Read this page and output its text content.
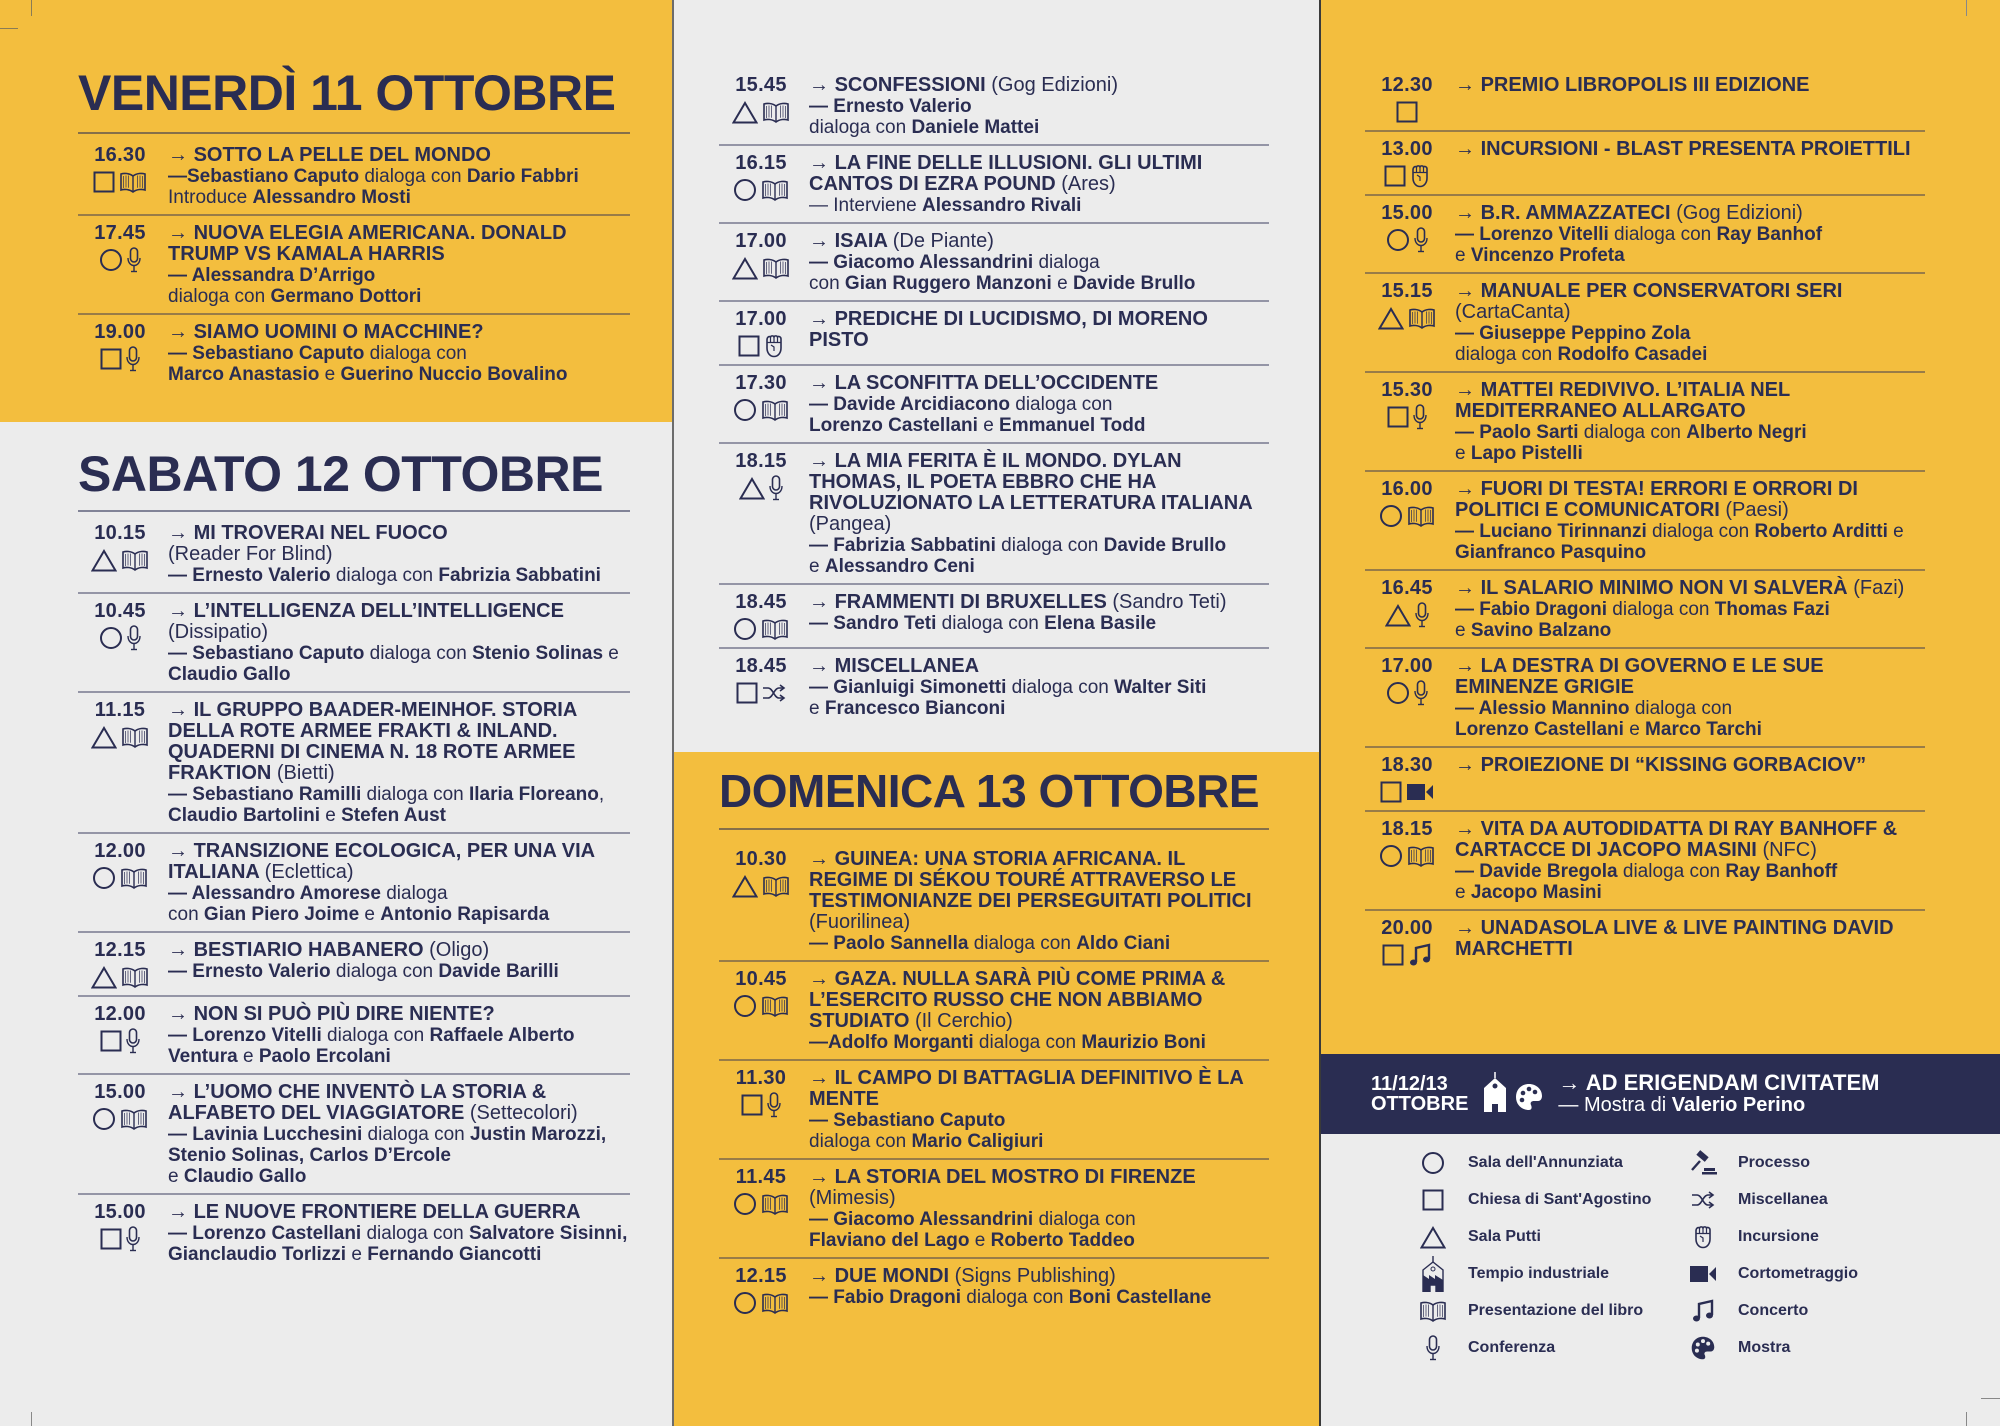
VENERDÌ 11 OTTOBRE
16.30	→ SOTTO LA PELLE DEL MONDO
—Sebastiano Caputo dialoga con Dario Fabbri
Introduce Alessandro Mosti
17.45	→ NUOVA ELEGIA AMERICANA. DONALD TRUMP VS KAMALA HARRIS
— Alessandra D’Arrigo
dialoga con Germano Dottori
19.00	→ SIAMO UOMINI O MACCHINE?
— Sebastiano Caputo dialoga con
Marco Anastasio e Guerino Nuccio Bovalino
SABATO 12 OTTOBRE
10.15	→ MI TROVERAI NEL FUOCO
(Reader For Blind)
— Ernesto Valerio dialoga con Fabrizia Sabbatini
10.45	→ L’INTELLIGENZA DELL’INTELLIGENCE
(Dissipatio)
— Sebastiano Caputo dialoga con Stenio Solinas e Claudio Gallo
11.15	→ IL GRUPPO BAADER-MEINHOF. STORIA DELLA ROTE ARMEE FRAKTI & INLAND. QUADERNI DI CINEMA N. 18 ROTE ARMEE FRAKTION (Bietti)
— Sebastiano Ramilli dialoga con Ilaria Floreano, Claudio Bartolini e Stefen Aust
12.00	→ TRANSIZIONE ECOLOGICA, PER UNA VIA ITALIANA (Eclettica)
— Alessandro Amorese dialoga
con Gian Piero Joime e Antonio Rapisarda
12.15	→ BESTIARIO HABANERO (Oligo)
— Ernesto Valerio dialoga con Davide Barilli
12.00	→ NON SI PUÒ PIÙ DIRE NIENTE?
— Lorenzo Vitelli dialoga con Raffaele Alberto Ventura e Paolo Ercolani
15.00	→ L’UOMO CHE INVENTÒ LA STORIA & ALFABETO DEL VIAGGIATORE (Settecolori)
— Lavinia Lucchesini dialoga con Justin Marozzi, Stenio Solinas, Carlos D’Ercole
e Claudio Gallo
15.00	→ LE NUOVE FRONTIERE DELLA GUERRA
— Lorenzo Castellani dialoga con Salvatore Sisinni, Gianclaudio Torlizzi e Fernando Giancotti
15.45	→ SCONFESSIONI (Gog Edizioni)
— Ernesto Valerio
dialoga con Daniele Mattei
16.15	→ LA FINE DELLE ILLUSIONI. GLI ULTIMI CANTOS DI EZRA POUND (Ares)
— Interviene Alessandro Rivali
17.00	→ ISAIA (De Piante)
— Giacomo Alessandrini dialoga
con Gian Ruggero Manzoni e Davide Brullo
17.00	→ PREDICHE DI LUCIDISMO, DI MORENO PISTO
17.30	→ LA SCONFITTA DELL’OCCIDENTE
— Davide Arcidiacono dialoga con
Lorenzo Castellani e Emmanuel Todd
18.15	→ LA MIA FERITA È IL MONDO. DYLAN THOMAS, IL POETA EBBRO CHE HA RIVOLUZIONATO LA LETTERATURA ITALIANA (Pangea)
— Fabrizia Sabbatini dialoga con Davide Brullo
e Alessandro Ceni
18.45	→ FRAMMENTI DI BRUXELLES (Sandro Teti)
— Sandro Teti dialoga con Elena Basile
18.45	→ MISCELLANEA
— Gianluigi Simonetti dialoga con Walter Siti
e Francesco Bianconi
DOMENICA 13 OTTOBRE
10.30	→ GUINEA: UNA STORIA AFRICANA. IL REGIME DI SÉKOU TOURÉ ATTRAVERSO LE TESTIMONIANZE DEI PERSEGUITATI POLITICI (Fuorilinea)
— Paolo Sannella dialoga con Aldo Ciani
10.45	→ GAZA. NULLA SARÀ PIÙ COME PRIMA & L’ESERCITO RUSSO CHE NON ABBIAMO STUDIATO (Il Cerchio)
—Adolfo Morganti dialoga con Maurizio Boni
11.30	→ IL CAMPO DI BATTAGLIA DEFINITIVO È LA MENTE
— Sebastiano Caputo
dialoga con Mario Caligiuri
11.45	→ LA STORIA DEL MOSTRO DI FIRENZE
(Mimesis)
— Giacomo Alessandrini dialoga con
Flaviano del Lago e Roberto Taddeo
12.15	→ DUE MONDI (Signs Publishing)
— Fabio Dragoni dialoga con Boni Castellane
12.30	→ PREMIO LIBROPOLIS III EDIZIONE
13.00	→ INCURSIONI - BLAST PRESENTA PROIETTILI
15.00	→ B.R. AMMAZZATECI (Gog Edizioni)
— Lorenzo Vitelli dialoga con Ray Banhof
e Vincenzo Profeta
15.15	→ MANUALE PER CONSERVATORI SERI
(CartaCanta)
— Giuseppe Peppino Zola
dialoga con Rodolfo Casadei
15.30	→ MATTEI REDIVIVO. L’ITALIA NEL MEDITERRANEO ALLARGATO
— Paolo Sarti dialoga con Alberto Negri
e Lapo Pistelli
16.00	→ FUORI DI TESTA! ERRORI E ORRORI DI POLITICI E COMUNICATORI (Paesi)
— Luciano Tirinnanzi dialoga con Roberto Arditti e Gianfranco Pasquino
16.45	→ IL SALARIO MINIMO NON VI SALVERÀ (Fazi)
— Fabio Dragoni dialoga con Thomas Fazi
e Savino Balzano
17.00	→ LA DESTRA DI GOVERNO E LE SUE EMINENZE GRIGIE
— Alessio Mannino dialoga con
Lorenzo Castellani e Marco Tarchi
18.30	→ PROIEZIONE DI “KISSING GORBACIOV”
18.15	→ VITA DA AUTODIDATTA DI RAY BANHOFF & CARTACCE DI JACOPO MASINI (NFC)
— Davide Bregola dialoga con Ray Banhoff
e Jacopo Masini
20.00	→ UNADASOLA LIVE & LIVE PAINTING DAVID MARCHETTI
11/12/13
OTTOBRE
→ AD ERIGENDAM CIVITATEM
— Mostra di Valerio Perino
Sala dell'Annunziata	Processo
Chiesa di Sant'Agostino	Miscellanea
Sala Putti	Incursione
Tempio industriale	Cortometraggio
Presentazione del libro	Concerto
Conferenza	Mostra
